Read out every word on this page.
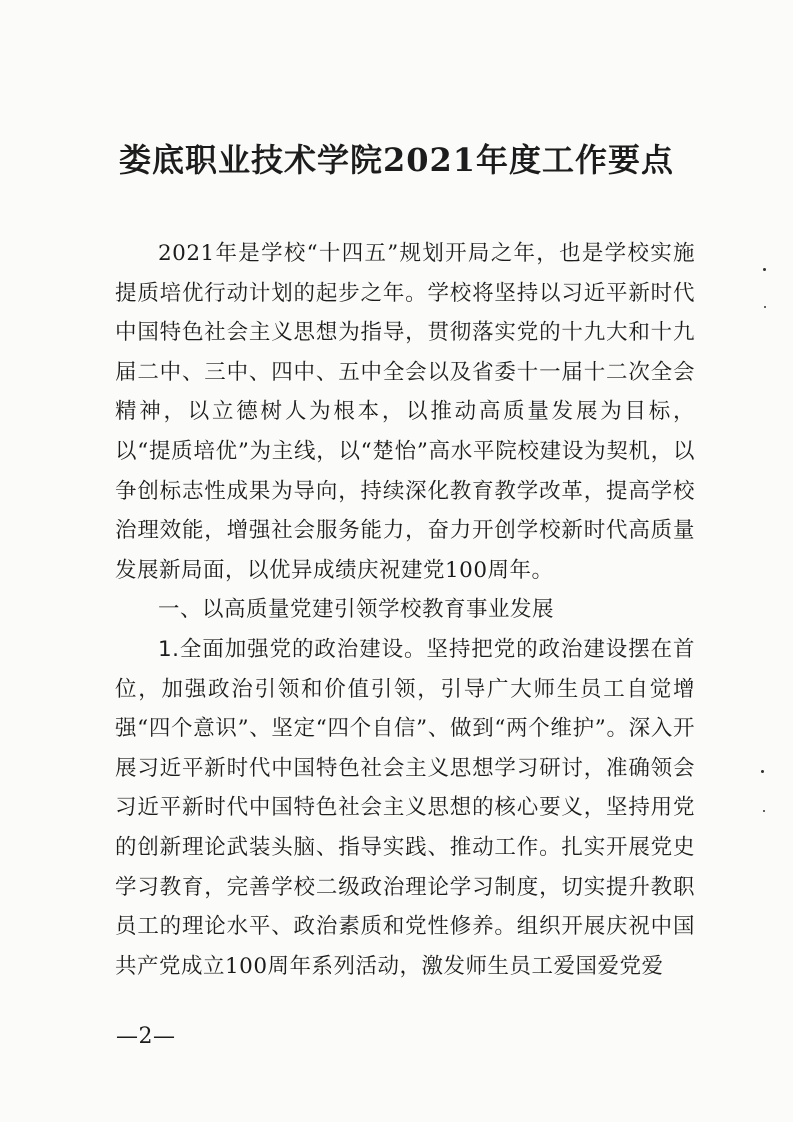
娄底职业技术学院2021年度工作要点

2021年是学校“十四五”规划开局之年，也是学校实施提质培优行动计划的起步之年。学校将坚持以习近平新时代中国特色社会主义思想为指导，贯彻落实党的十九大和十九届二中、三中、四中、五中全会以及省委十一届十二次全会精神，以立德树人为根本，以推动高质量发展为目标，以“提质培优”为主线，以“楚怡”高水平院校建设为契机，以争创标志性成果为导向，持续深化教育教学改革，提高学校治理效能，增强社会服务能力，奋力开创学校新时代高质量发展新局面，以优异成绩庆祝建党100周年。

一、以高质量党建引领学校教育事业发展

1.全面加强党的政治建设。坚持把党的政治建设摆在首位，加强政治引领和价值引领，引导广大师生员工自觉增强“四个意识”、坚定“四个自信”、做到“两个维护”。深入开展习近平新时代中国特色社会主义思想学习研讨，准确领会习近平新时代中国特色社会主义思想的核心要义，坚持用党的创新理论武装头脑、指导实践、推动工作。扎实开展党史学习教育，完善学校二级政治理论学习制度，切实提升教职员工的理论水平、政治素质和党性修养。组织开展庆祝中国共产党成立100周年系列活动，激发师生员工爱国爱党爱

—2—
